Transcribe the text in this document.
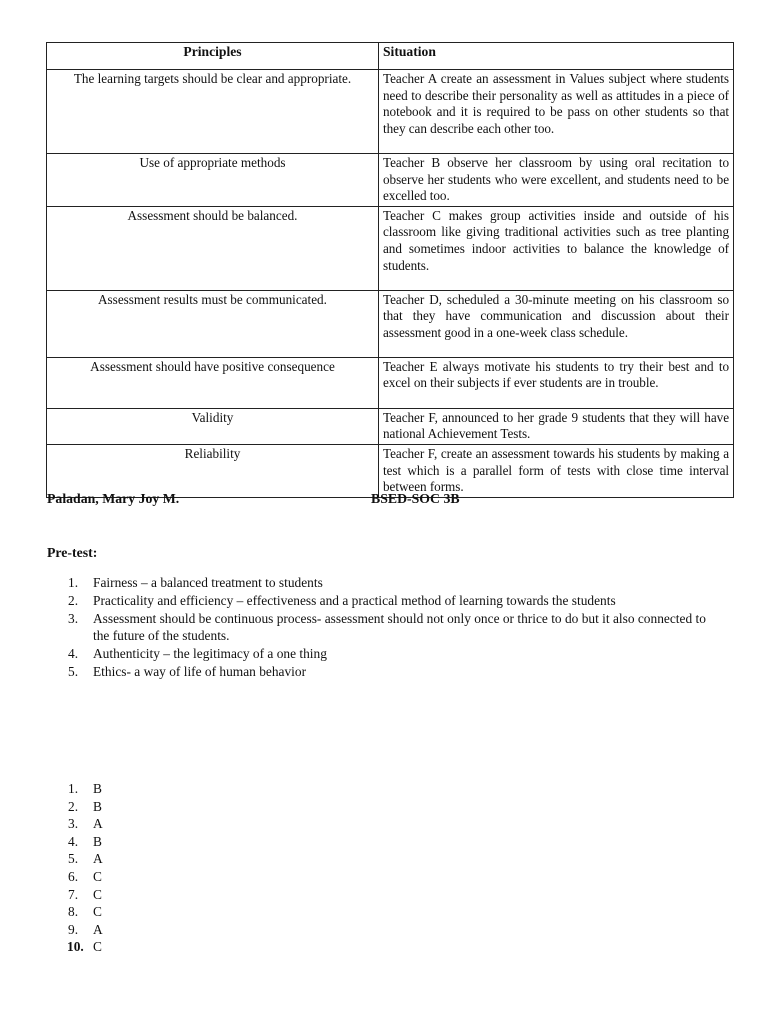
Principles	Situation
The learning targets should be clear and appropriate.	Teacher A create an assessment in Values subject where students need to describe their personality as well as attitudes in a piece of notebook and it is required to be pass on other students so that they can describe each other too.
Use of appropriate methods	Teacher B observe her classroom by using oral recitation to observe her students who were excellent, and students need to be excelled too.
Assessment should be balanced.	Teacher C makes group activities inside and outside of his classroom like giving traditional activities such as tree planting and sometimes indoor activities to balance the knowledge of students.
Assessment results must be communicated.	Teacher D, scheduled a 30-minute meeting on his classroom so that they have communication and discussion about their assessment good in a one-week class schedule.
Assessment should have positive consequence	Teacher E always motivate his students to try their best and to excel on their subjects if ever students are in trouble.
Validity	Teacher F, announced to her grade 9 students that they will have national Achievement Tests.
Reliability	Teacher F, create an assessment towards his students by making a test which is a parallel form of tests with close time interval between forms.
Paladan, Mary Joy M.	BSED-SOC 3B
Pre-test:
1. Fairness – a balanced treatment to students
2. Practicality and efficiency – effectiveness and a practical method of learning towards the students
3. Assessment should be continuous process- assessment should not only once or thrice to do but it also connected to the future of the students.
4. Authenticity – the legitimacy of a one thing
5. Ethics- a way of life of human behavior
1. B
2. B
3. A
4. B
5. A
6. C
7. C
8. C
9. A
10. C
